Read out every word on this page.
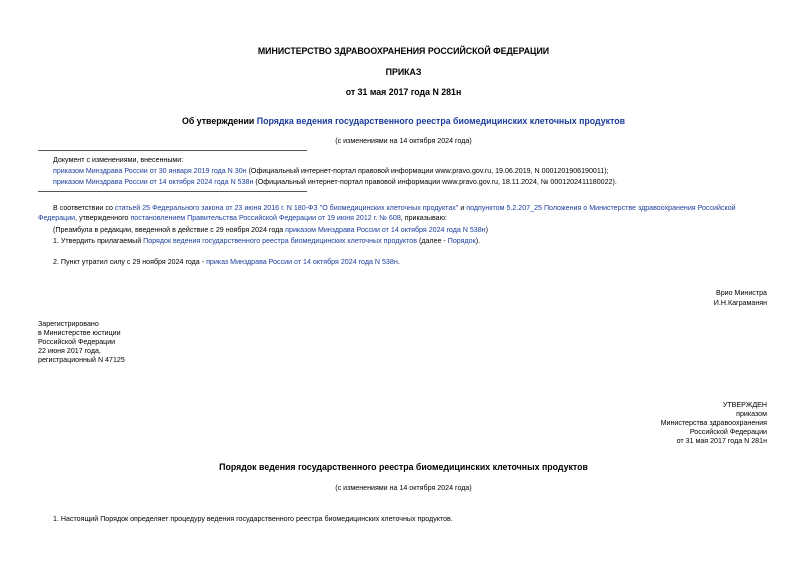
МИНИСТЕРСТВО ЗДРАВООХРАНЕНИЯ РОССИЙСКОЙ ФЕДЕРАЦИИ
ПРИКАЗ
от 31 мая 2017 года N 281н
Об утверждении Порядка ведения государственного реестра биомедицинских клеточных продуктов
(с изменениями на 14 октября 2024 года)
Документ с изменениями, внесенными:
приказом Минздрава России от 30 января 2019 года N 30н (Официальный интернет-портал правовой информации www.pravo.gov.ru, 19.06.2019, N 0001201906190011);
приказом Минздрава России от 14 октября 2024 года N 538н (Официальный интернет-портал правовой информации www.pravo.gov.ru, 18.11.2024, № 0001202411180022).
В соответствии со статьей 25 Федерального закона от 23 июня 2016 г. N 180-ФЗ "О биомедицинских клеточных продуктах" и подпунктом 5.2.207_25 Положения о Министерстве здравоохранения Российской
Федерации, утвержденного постановлением Правительства Российской Федерации от 19 июня 2012 г. № 608, приказываю:
(Преамбула в редакции, введенной в действие с 29 ноября 2024 года приказом Минздрава России от 14 октября 2024 года N 538н)
1. Утвердить прилагаемый Порядок ведения государственного реестра биомедицинских клеточных продуктов (далее - Порядок).
2. Пункт утратил силу с 29 ноября 2024 года - приказ Минздрава России от 14 октября 2024 года N 538н.
Врио Министра
И.Н.Каграманян
Зарегистрировано
в Министерстве юстиции
Российской Федерации
22 июня 2017 года,
регистрационный N 47125
УТВЕРЖДЕН
приказом
Министерства здравоохранения
Российской Федерации
от 31 мая 2017 года N 281н
Порядок ведения государственного реестра биомедицинских клеточных продуктов
(с изменениями на 14 октября 2024 года)
1. Настоящий Порядок определяет процедуру ведения государственного реестра биомедицинских клеточных продуктов.
